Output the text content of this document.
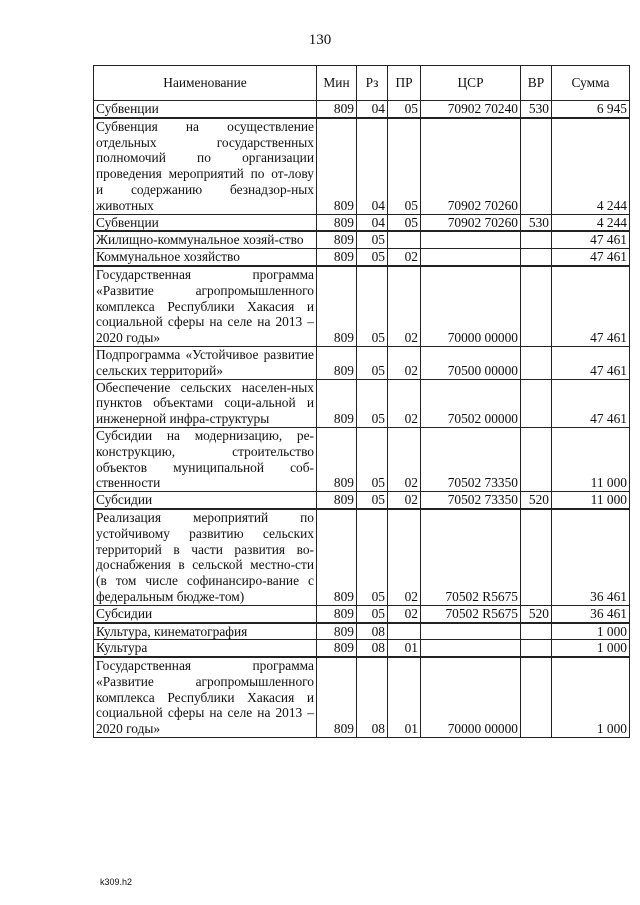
130
Наименование	Мин	Рз	ПР	ЦСР	ВР	Сумма
Субвенции	809	04	05	70902 70240	530	6 945
Субвенция на осуществление отдельных государственных полномочий по организации проведения мероприятий по от-лову и содержанию безнадзор-ных животных	809	04	05	70902 70260		4 244
Субвенции	809	04	05	70902 70260	530	4 244
Жилищно-коммунальное хозяй-ство	809	05				47 461
Коммунальное хозяйство	809	05	02			47 461
Государственная программа «Развитие агропромышленного комплекса Республики Хакасия и социальной сферы на селе на 2013 – 2020 годы»	809	05	02	70000 00000		47 461
Подпрограмма «Устойчивое развитие сельских территорий»	809	05	02	70500 00000		47 461
Обеспечение сельских населен-ных пунктов объектами соци-альной и инженерной инфра-структуры	809	05	02	70502 00000		47 461
Субсидии на модернизацию, ре-конструкцию, строительство объектов муниципальной соб-ственности	809	05	02	70502 73350		11 000
Субсидии	809	05	02	70502 73350	520	11 000
Реализация мероприятий по устойчивому развитию сельских территорий в части развития во-доснабжения в сельской местно-сти (в том числе софинансиро-вание с федеральным бюдже-том)	809	05	02	70502 R5675		36 461
Субсидии	809	05	02	70502 R5675	520	36 461
Культура, кинематография	809	08				1 000
Культура	809	08	01			1 000
Государственная программа «Развитие агропромышленного комплекса Республики Хакасия и социальной сферы на селе на 2013 – 2020 годы»	809	08	01	70000 00000		1 000
k309.h2
